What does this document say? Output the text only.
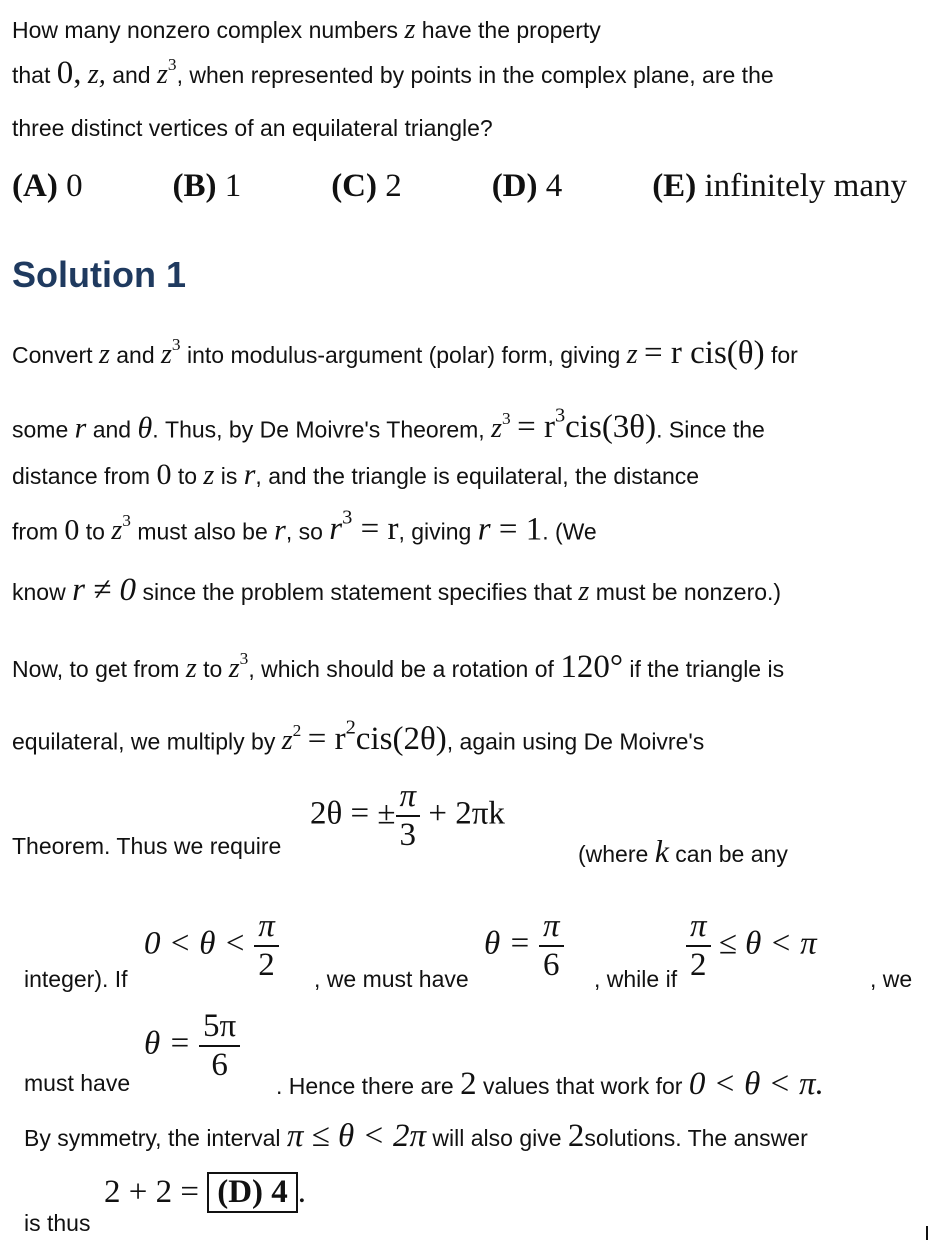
How many nonzero complex numbers z have the property
that 0, z, and $z^3$, when represented by points in the complex plane, are the
three distinct vertices of an equilateral triangle?
(A) 0	(B) 1	(C) 2	(D) 4	(E) infinitely many
Solution 1
Convert z and $z^3$ into modulus-argument (polar) form, giving z = r cis(θ) for
some r and θ. Thus, by De Moivre's Theorem, $z^3 = r^3cis(3\theta)$. Since the
distance from 0 to z is r, and the triangle is equilateral, the distance
from 0 to $z^3$ must also be r, so $r^3 = r$, giving r = 1. (We
know r ≠ 0 since the problem statement specifies that z must be nonzero.)
Now, to get from z to $z^3$, which should be a rotation of 120° if the triangle is
equilateral, we multiply by $z^2 = r^2cis(2\theta)$, again using De Moivre's
Theorem. Thus we require
2θ = ± $\frac{\pi}{3} + 2\pi k$
(where k can be any
integer). If
$0 < \theta < \frac{\pi}{2}$ , we must have
$\theta = \frac{\pi}{6}$ , while if $\frac{\pi}{2} \le \theta < \pi$
, we
must have
$\theta = \frac{5\pi}{6}$
. Hence there are 2 values that work for 0 < θ < π.
By symmetry, the interval π ≤ θ < 2π will also give 2solutions. The answer
is thus
2 + 2 = (D) 4 .
